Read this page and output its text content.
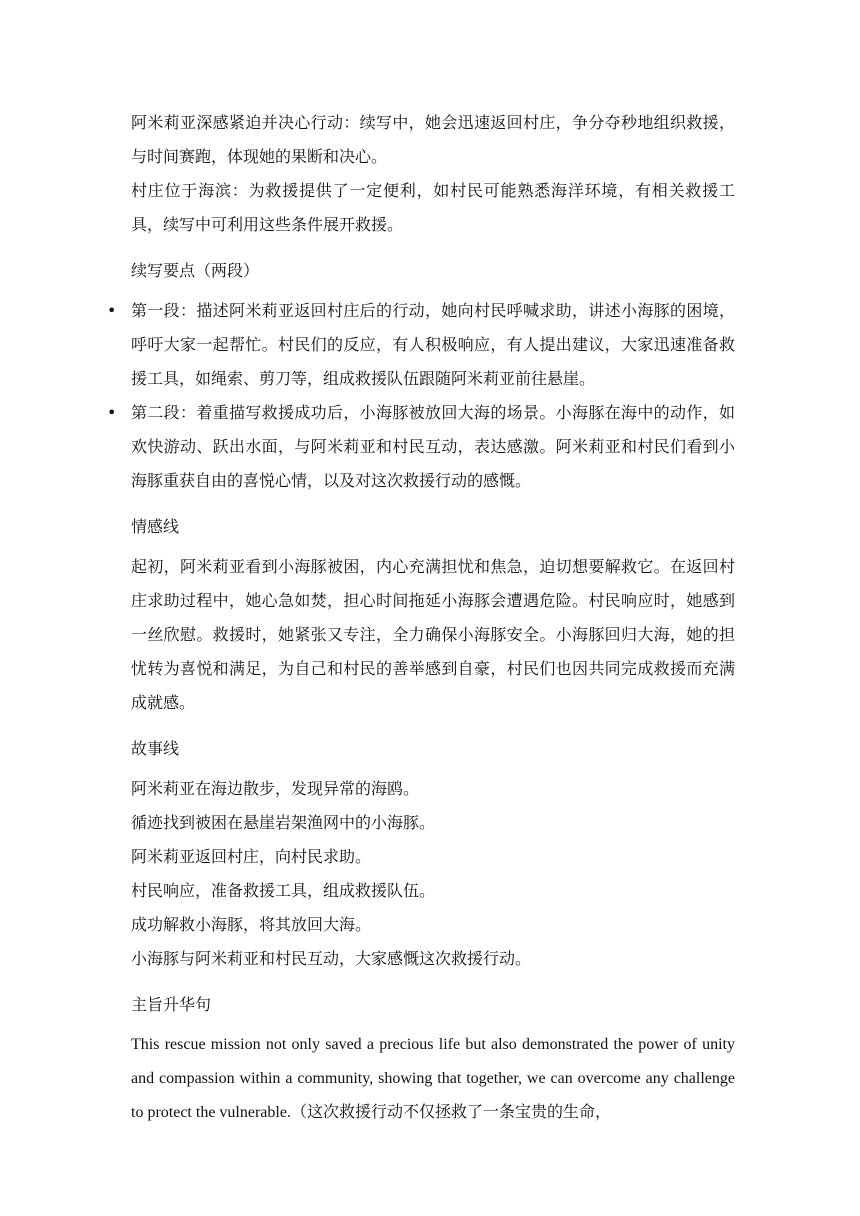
阿米莉亚深感紧迫并决心行动：续写中，她会迅速返回村庄，争分夺秒地组织救援，与时间赛跑，体现她的果断和决心。

村庄位于海滨：为救援提供了一定便利，如村民可能熟悉海洋环境，有相关救援工具，续写中可利用这些条件展开救援。

续写要点（两段）
• 第一段：描述阿米莉亚返回村庄后的行动，她向村民呼喊求助，讲述小海豚的困境，呼吁大家一起帮忙。村民们的反应，有人积极响应，有人提出建议，大家迅速准备救援工具，如绳索、剪刀等，组成救援队伍跟随阿米莉亚前往悬崖。
• 第二段：着重描写救援成功后，小海豚被放回大海的场景。小海豚在海中的动作，如欢快游动、跃出水面，与阿米莉亚和村民互动，表达感激。阿米莉亚和村民们看到小海豚重获自由的喜悦心情，以及对这次救援行动的感慨。
情感线

起初，阿米莉亚看到小海豚被困，内心充满担忧和焦急，迫切想要解救它。在返回村庄求助过程中，她心急如焚，担心时间拖延小海豚会遭遇危险。村民响应时，她感到一丝欣慰。救援时，她紧张又专注，全力确保小海豚安全。小海豚回归大海，她的担忧转为喜悦和满足，为自己和村民的善举感到自豪，村民们也因共同完成救援而充满成就感。

故事线

阿米莉亚在海边散步，发现异常的海鸥。

循迹找到被困在悬崖岩架渔网中的小海豚。

阿米莉亚返回村庄，向村民求助。

村民响应，准备救援工具，组成救援队伍。

成功解救小海豚，将其放回大海。

小海豚与阿米莉亚和村民互动，大家感慨这次救援行动。

主旨升华句

This rescue mission not only saved a precious life but also demonstrated the power of unity and compassion within a community, showing that together, we can overcome any challenge to protect the vulnerable.（这次救援行动不仅拯救了一条宝贵的生命，
